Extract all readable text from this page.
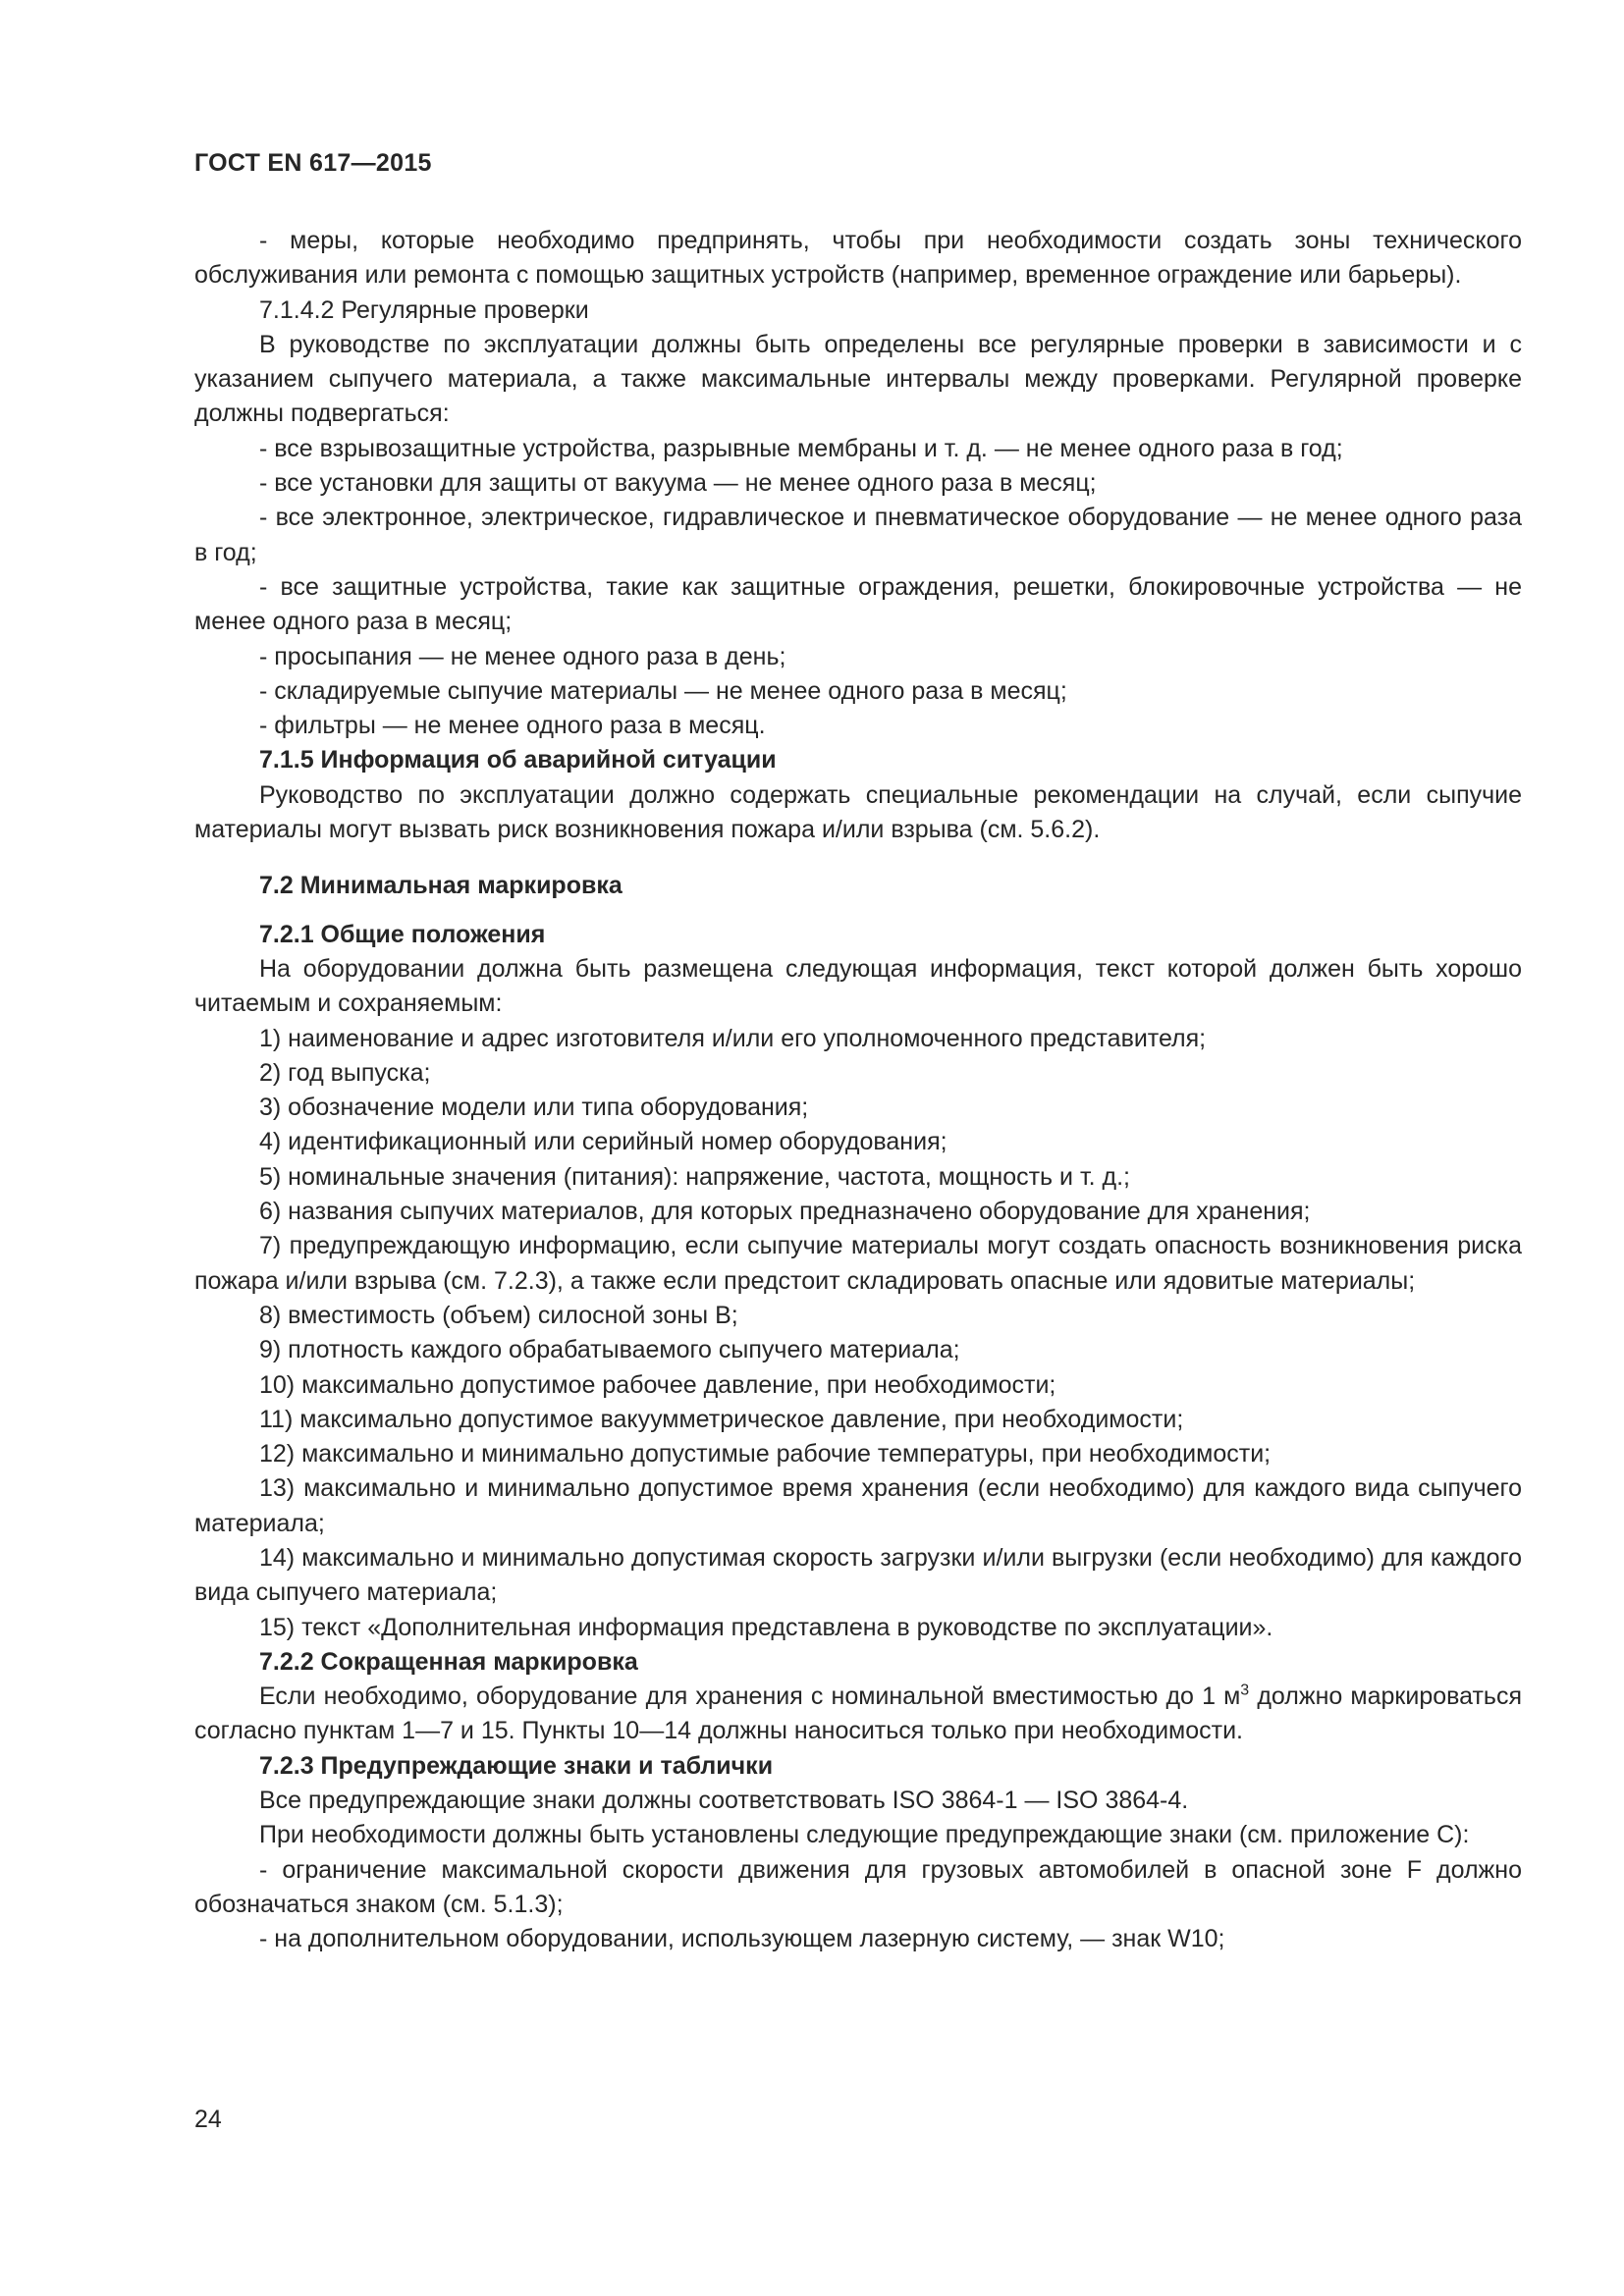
ГОСТ EN 617—2015

- меры, которые необходимо предпринять, чтобы при необходимости создать зоны технического обслуживания или ремонта с помощью защитных устройств (например, временное ограждение или барьеры).

7.1.4.2 Регулярные проверки

В руководстве по эксплуатации должны быть определены все регулярные проверки в зависимости и с указанием сыпучего материала, а также максимальные интервалы между проверками. Регулярной проверке должны подвергаться:

- все взрывозащитные устройства, разрывные мембраны и т. д. — не менее одного раза в год;

- все установки для защиты от вакуума — не менее одного раза в месяц;

- все электронное, электрическое, гидравлическое и пневматическое оборудование — не менее одного раза в год;

- все защитные устройства, такие как защитные ограждения, решетки, блокировочные устройства — не менее одного раза в месяц;

- просыпания — не менее одного раза в день;

- складируемые сыпучие материалы — не менее одного раза в месяц;

- фильтры — не менее одного раза в месяц.

7.1.5 Информация об аварийной ситуации

Руководство по эксплуатации должно содержать специальные рекомендации на случай, если сыпучие материалы могут вызвать риск возникновения пожара и/или взрыва (см. 5.6.2).

7.2 Минимальная маркировка

7.2.1 Общие положения

На оборудовании должна быть размещена следующая информация, текст которой должен быть хорошо читаемым и сохраняемым:

1) наименование и адрес изготовителя и/или его уполномоченного представителя;

2) год выпуска;

3) обозначение модели или типа оборудования;

4) идентификационный или серийный номер оборудования;

5) номинальные значения (питания): напряжение, частота, мощность и т. д.;

6) названия сыпучих материалов, для которых предназначено оборудование для хранения;

7) предупреждающую информацию, если сыпучие материалы могут создать опасность возникновения риска пожара и/или взрыва (см. 7.2.3), а также если предстоит складировать опасные или ядовитые материалы;

8) вместимость (объем) силосной зоны В;

9) плотность каждого обрабатываемого сыпучего материала;

10) максимально допустимое рабочее давление, при необходимости;

11) максимально допустимое вакуумметрическое давление, при необходимости;

12) максимально и минимально допустимые рабочие температуры, при необходимости;

13) максимально и минимально допустимое время хранения (если необходимо) для каждого вида сыпучего материала;

14) максимально и минимально допустимая скорость загрузки и/или выгрузки (если необходимо) для каждого вида сыпучего материала;

15) текст «Дополнительная информация представлена в руководстве по эксплуатации».

7.2.2 Сокращенная маркировка

Если необходимо, оборудование для хранения с номинальной вместимостью до 1 $м^3$ должно маркироваться согласно пунктам 1—7 и 15. Пункты 10—14 должны наноситься только при необходимости.

7.2.3 Предупреждающие знаки и таблички

Все предупреждающие знаки должны соответствовать ISO 3864-1 — ISO 3864-4.

При необходимости должны быть установлены следующие предупреждающие знаки (см. приложение С):

- ограничение максимальной скорости движения для грузовых автомобилей в опасной зоне F должно обозначаться знаком (см. 5.1.3);

- на дополнительном оборудовании, использующем лазерную систему, — знак W10;

24
